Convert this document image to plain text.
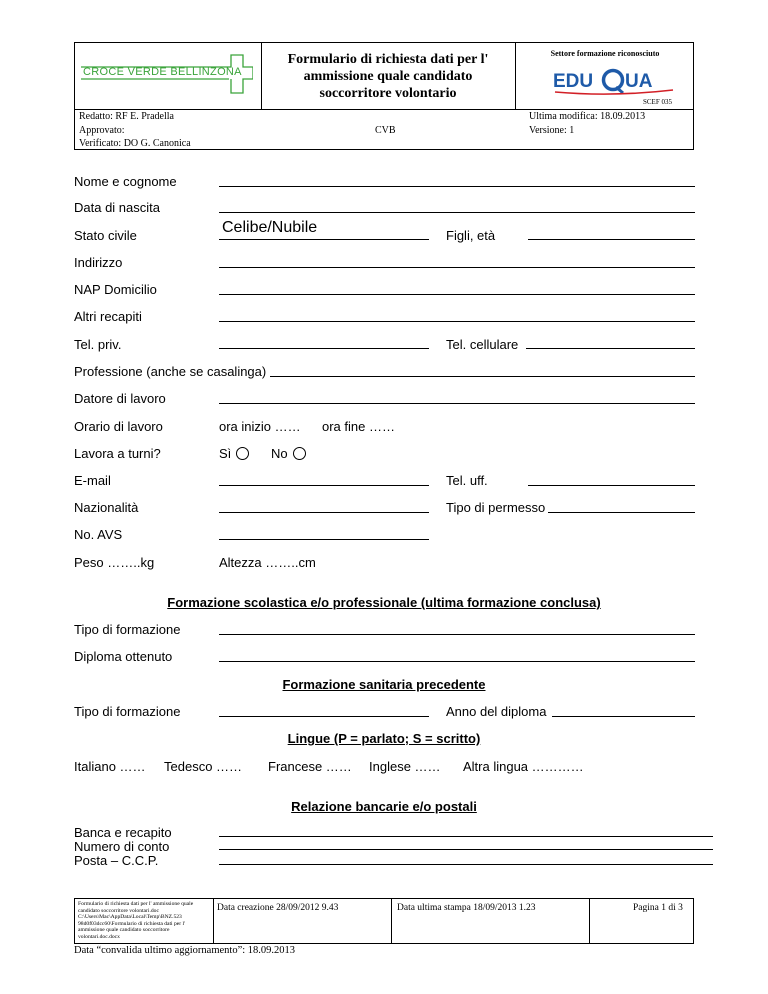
CROCE VERDE BELLINZONA
Formulario di richiesta dati per l' ammissione quale candidato soccorritore volontario
Settore formazione riconosciuto
EDU UA
SCEF 035
Redatto: RF E. Pradella
Approvato:
Verificato: DO G. Canonica
CVB
Ultima modifica: 18.09.2013
Versione: 1
Nome e cognome
Data di nascita
Stato civile	Celibe/Nubile	Figli, età
Indirizzo
NAP Domicilio
Altri recapiti
Tel. priv.	Tel. cellulare
Professione (anche se casalinga)
Datore di lavoro
Orario di lavoro	ora inizio …… ora fine ……
Lavora a turni?	Sì	No
E-mail	Tel. uff.
Nazionalità	Tipo di permesso
No. AVS
Peso ……..kg	Altezza ……..cm
Formazione scolastica e/o professionale (ultima formazione conclusa)
Tipo di formazione
Diploma ottenuto
Formazione sanitaria precedente
Tipo di formazione	Anno del diploma
Lingue (P = parlato; S = scritto)
Italiano …… Tedesco …… Francese …… Inglese …… Altra lingua …………
Relazione bancarie e/o postali
Banca e recapito
Numero di conto
Posta – C.C.P.
Formulario di richiesta dati per l' ammissione quale candidato soccorritore volontari.doc C:\Users\Mac\AppData\Local\Temp\BNZ.523 98d0f03dcc60\Formulario di richiesta dati per l' ammissione quale candidato soccorritore volontari.doc.docx
Data creazione 28/09/2012 9.43	Data ultima stampa 18/09/2013 1.23	Pagina 1 di 3
Data “convalida ultimo aggiornamento”: 18.09.2013
